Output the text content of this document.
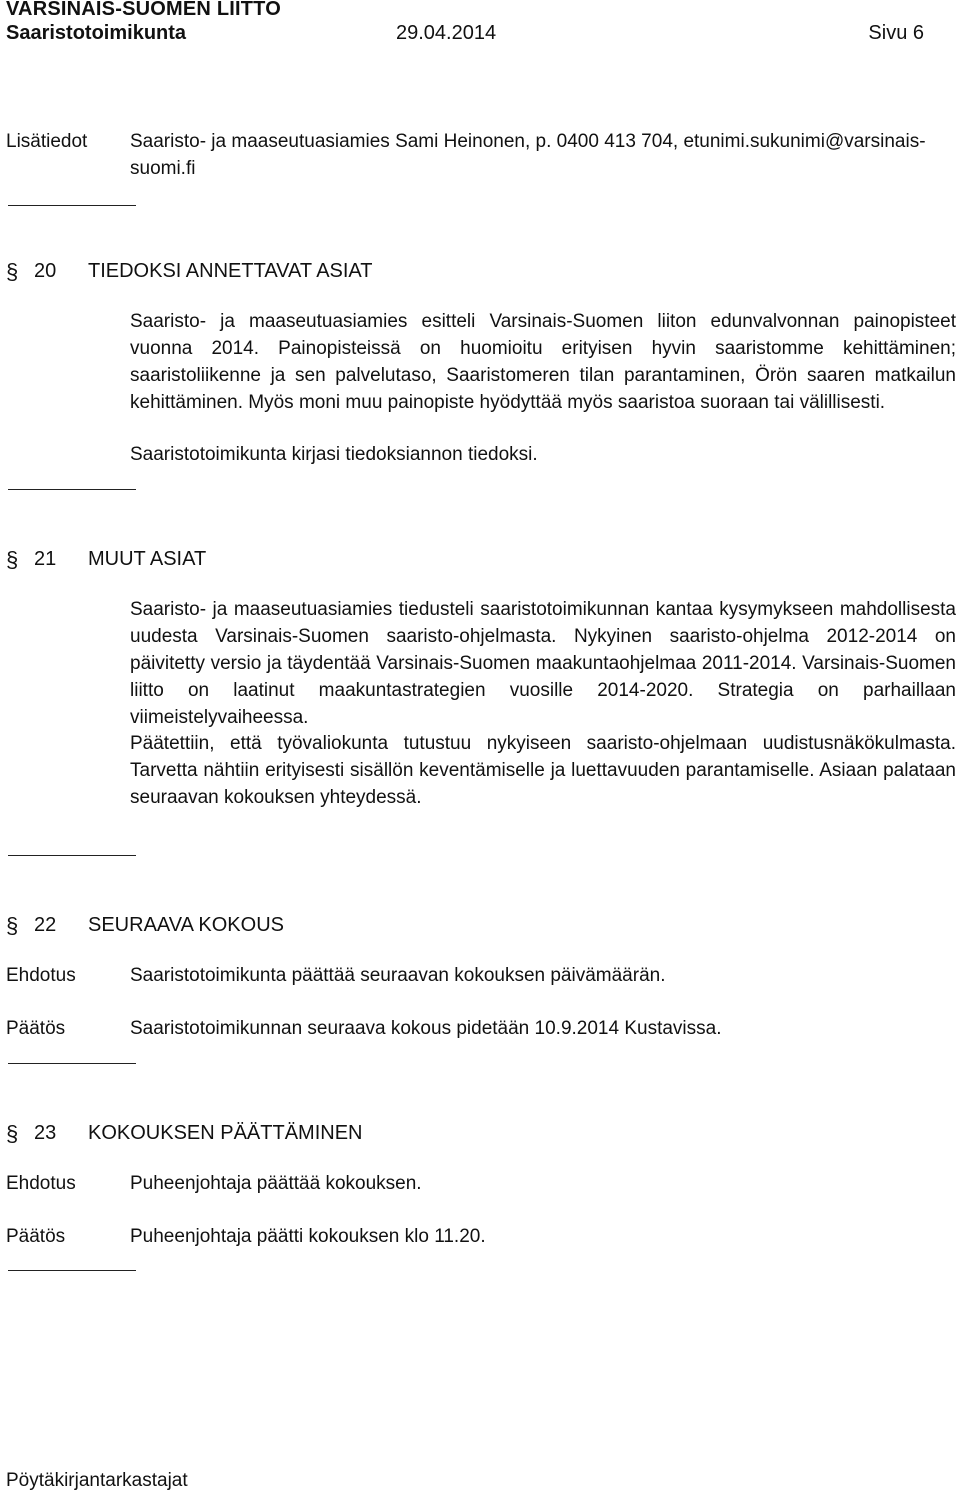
VARSINAIS-SUOMEN LIITTO
Saaristotoimikunta	29.04.2014	Sivu 6
Lisätiedot Saaristo- ja maaseutuasiamies Sami Heinonen, p. 0400 413 704, etunimi.sukunimi@varsinais-
suomi.fi
§ 20	TIEDOKSI ANNETTAVAT ASIAT
Saaristo- ja maaseutuasiamies esitteli Varsinais-Suomen liiton edunvalvonnan painopisteet vuonna 2014. Painopisteissä on huomioitu erityisen hyvin saaristomme kehittäminen; saaristoliikenne ja sen palvelutaso, Saaristomeren tilan parantaminen, Örön saaren matkailun kehittäminen. Myös moni muu painopiste hyödyttää myös saaristoa suoraan tai välillisesti.
Saaristotoimikunta kirjasi tiedoksiannon tiedoksi.
§ 21	MUUT ASIAT
Saaristo- ja maaseutuasiamies tiedusteli saaristotoimikunnan kantaa kysymykseen mahdollisesta uudesta Varsinais-Suomen saaristo-ohjelmasta. Nykyinen saaristo-ohjelma 2012-2014 on päivitetty versio ja täydentää Varsinais-Suomen maakuntaohjelmaa 2011-2014. Varsinais-Suomen liitto on laatinut maakuntastrategien vuosille 2014-2020. Strategia on parhaillaan viimeistelyvaiheessa.
Päätettiin, että työvaliokunta tutustuu nykyiseen saaristo-ohjelmaan uudistusnäkökulmasta. Tarvetta nähtiin erityisesti sisällön keventämiselle ja luettavuuden parantamiselle. Asiaan palataan seuraavan kokouksen yhteydessä.
§ 22	SEURAAVA KOKOUS
Ehdotus	Saaristotoimikunta päättää seuraavan kokouksen päivämäärän.
Päätös	Saaristotoimikunnan seuraava kokous pidetään 10.9.2014 Kustavissa.
§ 23	KOKOUKSEN PÄÄTTÄMINEN
Ehdotus	Puheenjohtaja päättää kokouksen.
Päätös	Puheenjohtaja päätti kokouksen klo 11.20.
Pöytäkirjantarkastajat
